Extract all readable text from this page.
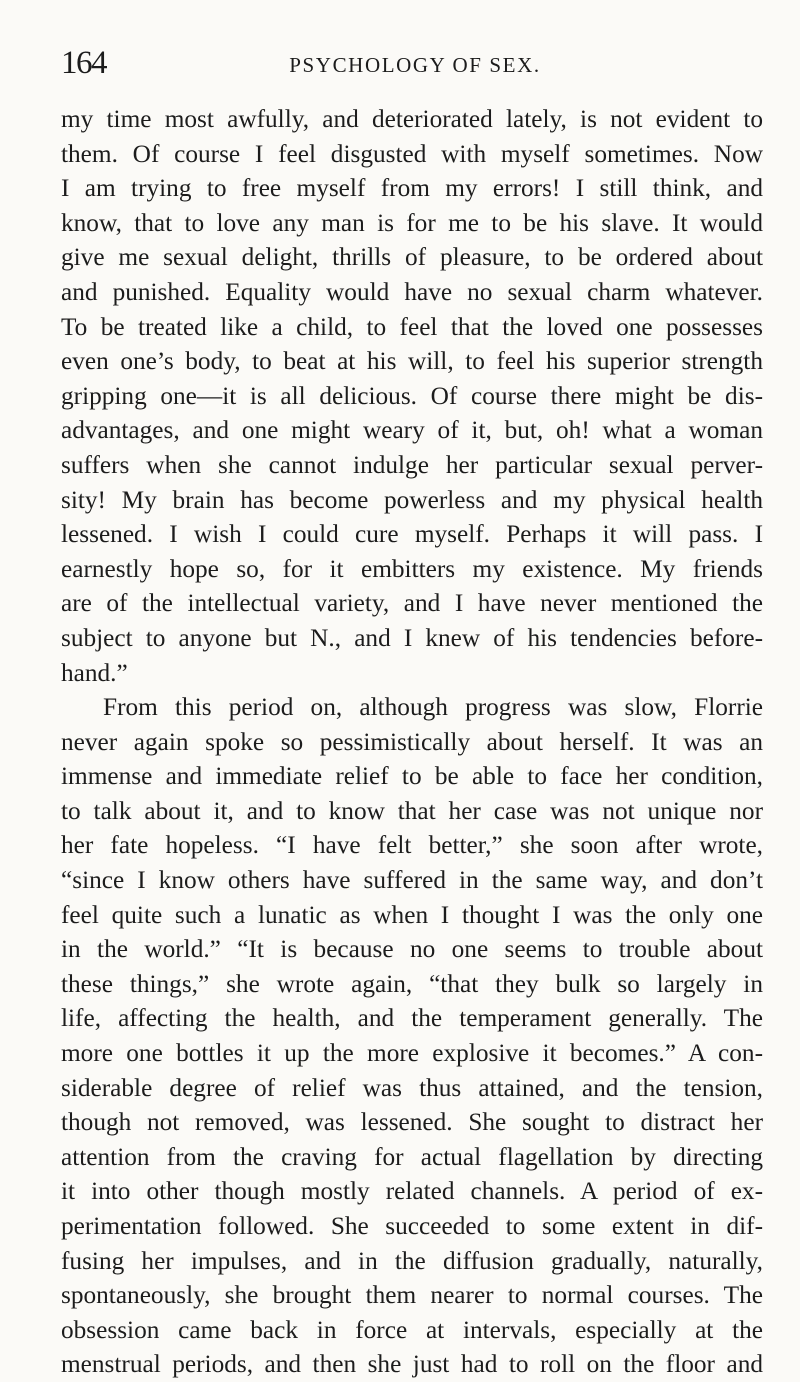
164	PSYCHOLOGY OF SEX.
my time most awfully, and deteriorated lately, is not evident to
them. Of course I feel disgusted with myself sometimes. Now
I am trying to free myself from my errors! I still think, and
know, that to love any man is for me to be his slave. It would
give me sexual delight, thrills of pleasure, to be ordered about
and punished. Equality would have no sexual charm whatever.
To be treated like a child, to feel that the loved one possesses
even one’s body, to beat at his will, to feel his superior strength
gripping one—it is all delicious. Of course there might be dis-
advantages, and one might weary of it, but, oh! what a woman
suffers when she cannot indulge her particular sexual perver-
sity! My brain has become powerless and my physical health
lessened. I wish I could cure myself. Perhaps it will pass. I
earnestly hope so, for it embitters my existence. My friends
are of the intellectual variety, and I have never mentioned the
subject to anyone but N., and I knew of his tendencies before-
hand.”
From this period on, although progress was slow, Florrie
never again spoke so pessimistically about herself. It was an
immense and immediate relief to be able to face her condition,
to talk about it, and to know that her case was not unique nor
her fate hopeless. “I have felt better,” she soon after wrote,
“since I know others have suffered in the same way, and don’t
feel quite such a lunatic as when I thought I was the only one
in the world.” “It is because no one seems to trouble about
these things,” she wrote again, “that they bulk so largely in
life, affecting the health, and the temperament generally. The
more one bottles it up the more explosive it becomes.” A con-
siderable degree of relief was thus attained, and the tension,
though not removed, was lessened. She sought to distract her
attention from the craving for actual flagellation by directing
it into other though mostly related channels. A period of ex-
perimentation followed. She succeeded to some extent in dif-
fusing her impulses, and in the diffusion gradually, naturally,
spontaneously, she brought them nearer to normal courses. The
obsession came back in force at intervals, especially at the
menstrual periods, and then she just had to roll on the floor and
